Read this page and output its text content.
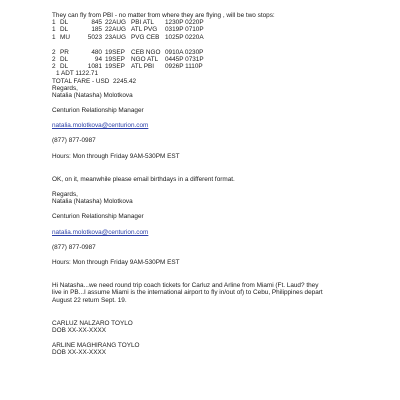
They can fly from PBI - no matter from where they are flying , will be two stops:
1 DL	845 22AUG PBI ATL	1230P 0220P
1 DL	185 22AUG ATL PVG	0319P 0710P
1 MU	5023 23AUG PVG CEB 1025P 0220A
2 PR	480 19SEP CEB NGO 0910A 0230P
2 DL	94 19SEP NGO ATL	0445P 0731P
2 DL	1081 19SEP ATL PBI	0926P 1110P
1 ADT 1122.71
TOTAL FARE - USD  2245.42
Regards,
Natalia (Natasha) Molotkova
Centurion Relationship Manager
natalia.molotkova@centurion.com
(877) 877-0987
Hours: Mon through Friday 9AM-530PM EST
OK, on it, meanwhile please email birthdays in a different format.
Regards,
Natalia (Natasha) Molotkova
Centurion Relationship Manager
natalia.molotkova@centurion.com
(877) 877-0987
Hours: Mon through Friday 9AM-530PM EST
Hi Natasha...we need round trip coach tickets for Carluz and Arline from Miami (Ft. Laud? they
live in PB...I assume Miami is the international airport to fly in/out of) to Cebu, Philippines depart
August 22 return Sept. 19.
CARLUZ NALZARO TOYLO
DOB XX-XX-XXXX
ARLINE MAGHIRANG TOYLO
DOB XX-XX-XXXX
